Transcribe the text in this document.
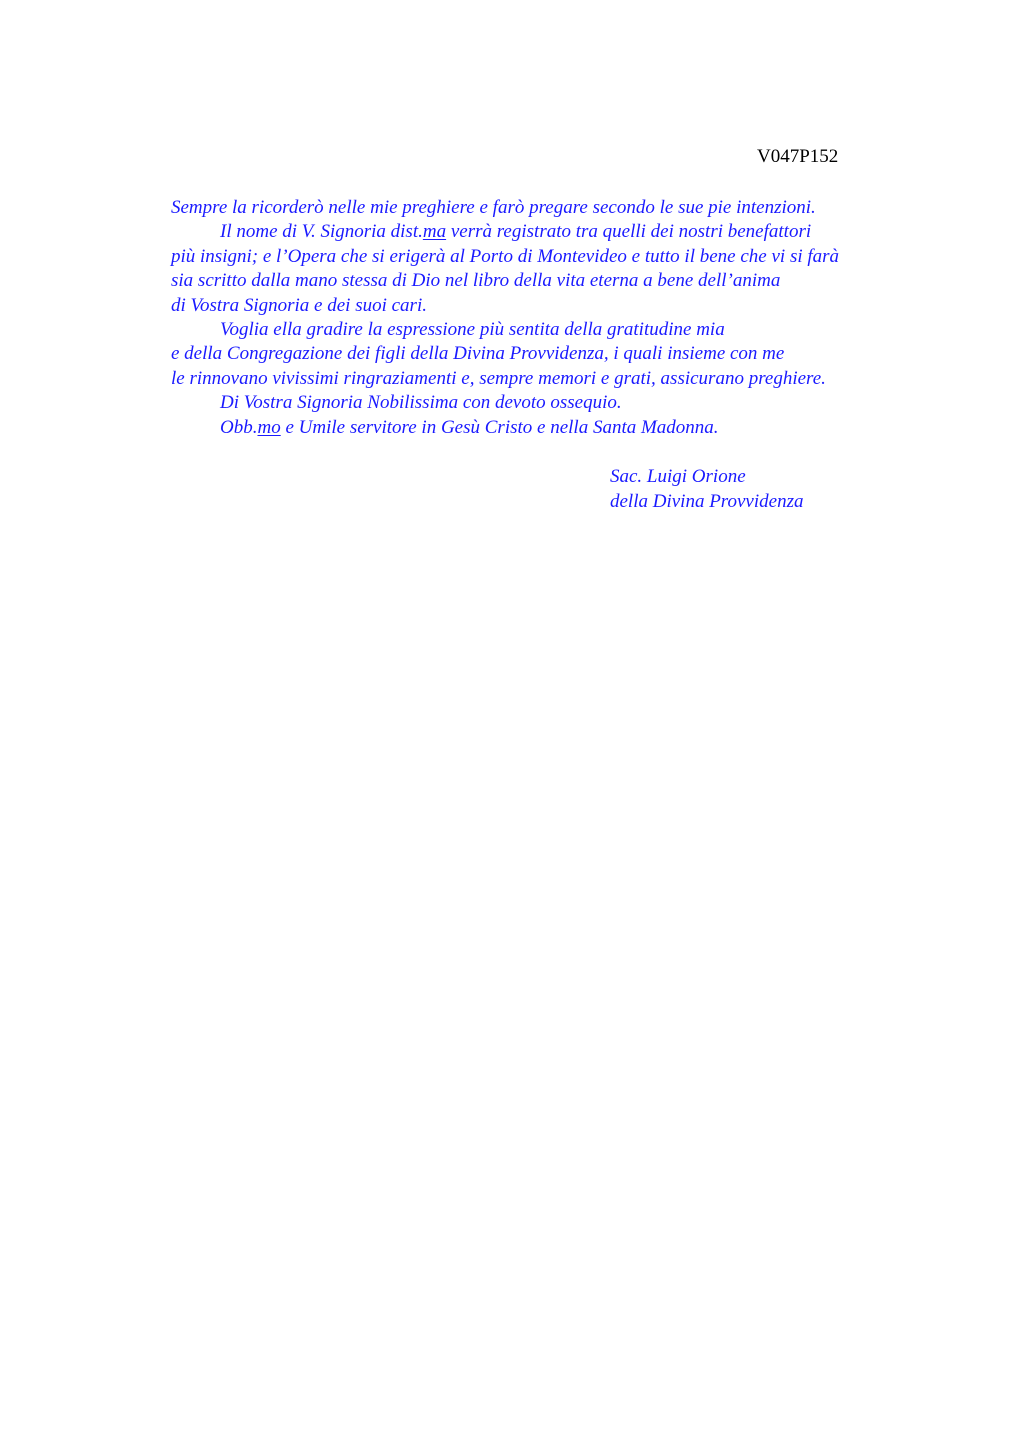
V047P152
Sempre la ricorderò nelle mie preghiere e farò pregare secondo le sue pie intenzioni.
Il nome di V. Signoria dist.ma verrà registrato tra quelli dei nostri benefattori
più insigni; e l’Opera che si erigerà al Porto di Montevideo e tutto il bene che vi si farà
sia scritto dalla mano stessa di Dio nel libro della vita eterna a bene dell’anima
di Vostra Signoria e dei suoi cari.
Voglia ella gradire la espressione più sentita della gratitudine mia
e della Congregazione dei figli della Divina Provvidenza, i quali insieme con me
le rinnovano vivissimi ringraziamenti e, sempre memori e grati, assicurano preghiere.
Di Vostra Signoria Nobilissima con devoto ossequio.
Obb.mo e Umile servitore in Gesù Cristo e nella Santa Madonna.
Sac. Luigi Orione
della Divina Provvidenza
